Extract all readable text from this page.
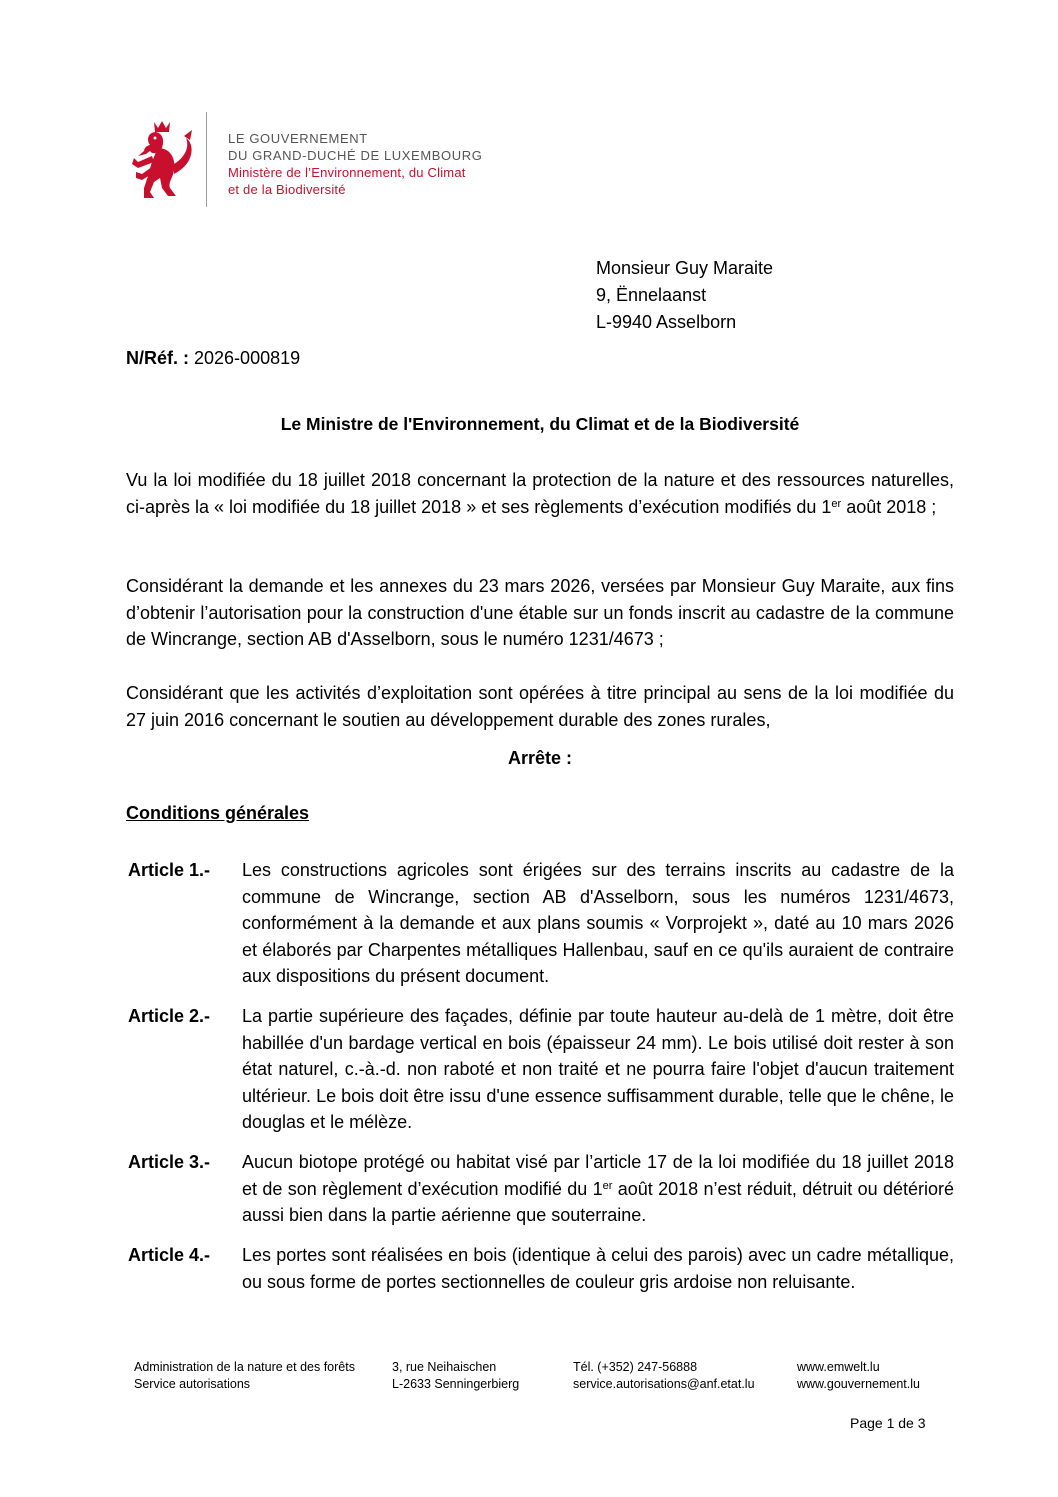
LE GOUVERNEMENT
DU GRAND-DUCHÉ DE LUXEMBOURG
Ministère de l’Environnement, du Climat
et de la Biodiversité
Monsieur Guy Maraite
9, Ënnelaanst
L-9940 Asselborn
N/Réf. : 2026-000819
Le Ministre de l'Environnement, du Climat et de la Biodiversité
Vu la loi modifiée du 18 juillet 2018 concernant la protection de la nature et des ressources naturelles, ci-après la « loi modifiée du 18 juillet 2018 » et ses règlements d’exécution modifiés du 1er août 2018 ;
Considérant la demande et les annexes du 23 mars 2026, versées par Monsieur Guy Maraite, aux fins d’obtenir l’autorisation pour la construction d'une étable sur un fonds inscrit au cadastre de la commune de Wincrange, section AB d'Asselborn, sous le numéro 1231/4673 ;
Considérant que les activités d’exploitation sont opérées à titre principal au sens de la loi modifiée du 27 juin 2016 concernant le soutien au développement durable des zones rurales,
Arrête :
Conditions générales
Article 1.- Les constructions agricoles sont érigées sur des terrains inscrits au cadastre de la commune de Wincrange, section AB d'Asselborn, sous les numéros 1231/4673, conformément à la demande et aux plans soumis « Vorprojekt », daté au 10 mars 2026 et élaborés par Charpentes métalliques Hallenbau, sauf en ce qu'ils auraient de contraire aux dispositions du présent document.
Article 2.- La partie supérieure des façades, définie par toute hauteur au-delà de 1 mètre, doit être habillée d'un bardage vertical en bois (épaisseur 24 mm). Le bois utilisé doit rester à son état naturel, c.-à.-d. non raboté et non traité et ne pourra faire l'objet d'aucun traitement ultérieur. Le bois doit être issu d'une essence suffisamment durable, telle que le chêne, le douglas et le mélèze.
Article 3.- Aucun biotope protégé ou habitat visé par l’article 17 de la loi modifiée du 18 juillet 2018 et de son règlement d’exécution modifié du 1er août 2018 n’est réduit, détruit ou détérioré aussi bien dans la partie aérienne que souterraine.
Article 4.- Les portes sont réalisées en bois (identique à celui des parois) avec un cadre métallique, ou sous forme de portes sectionnelles de couleur gris ardoise non reluisante.
Administration de la nature et des forêts
Service autorisations
3, rue Neihaischen
L-2633 Senningerbierg
Tél. (+352) 247-56888
service.autorisations@anf.etat.lu
www.emwelt.lu
www.gouvernement.lu
Page 1 de 3
